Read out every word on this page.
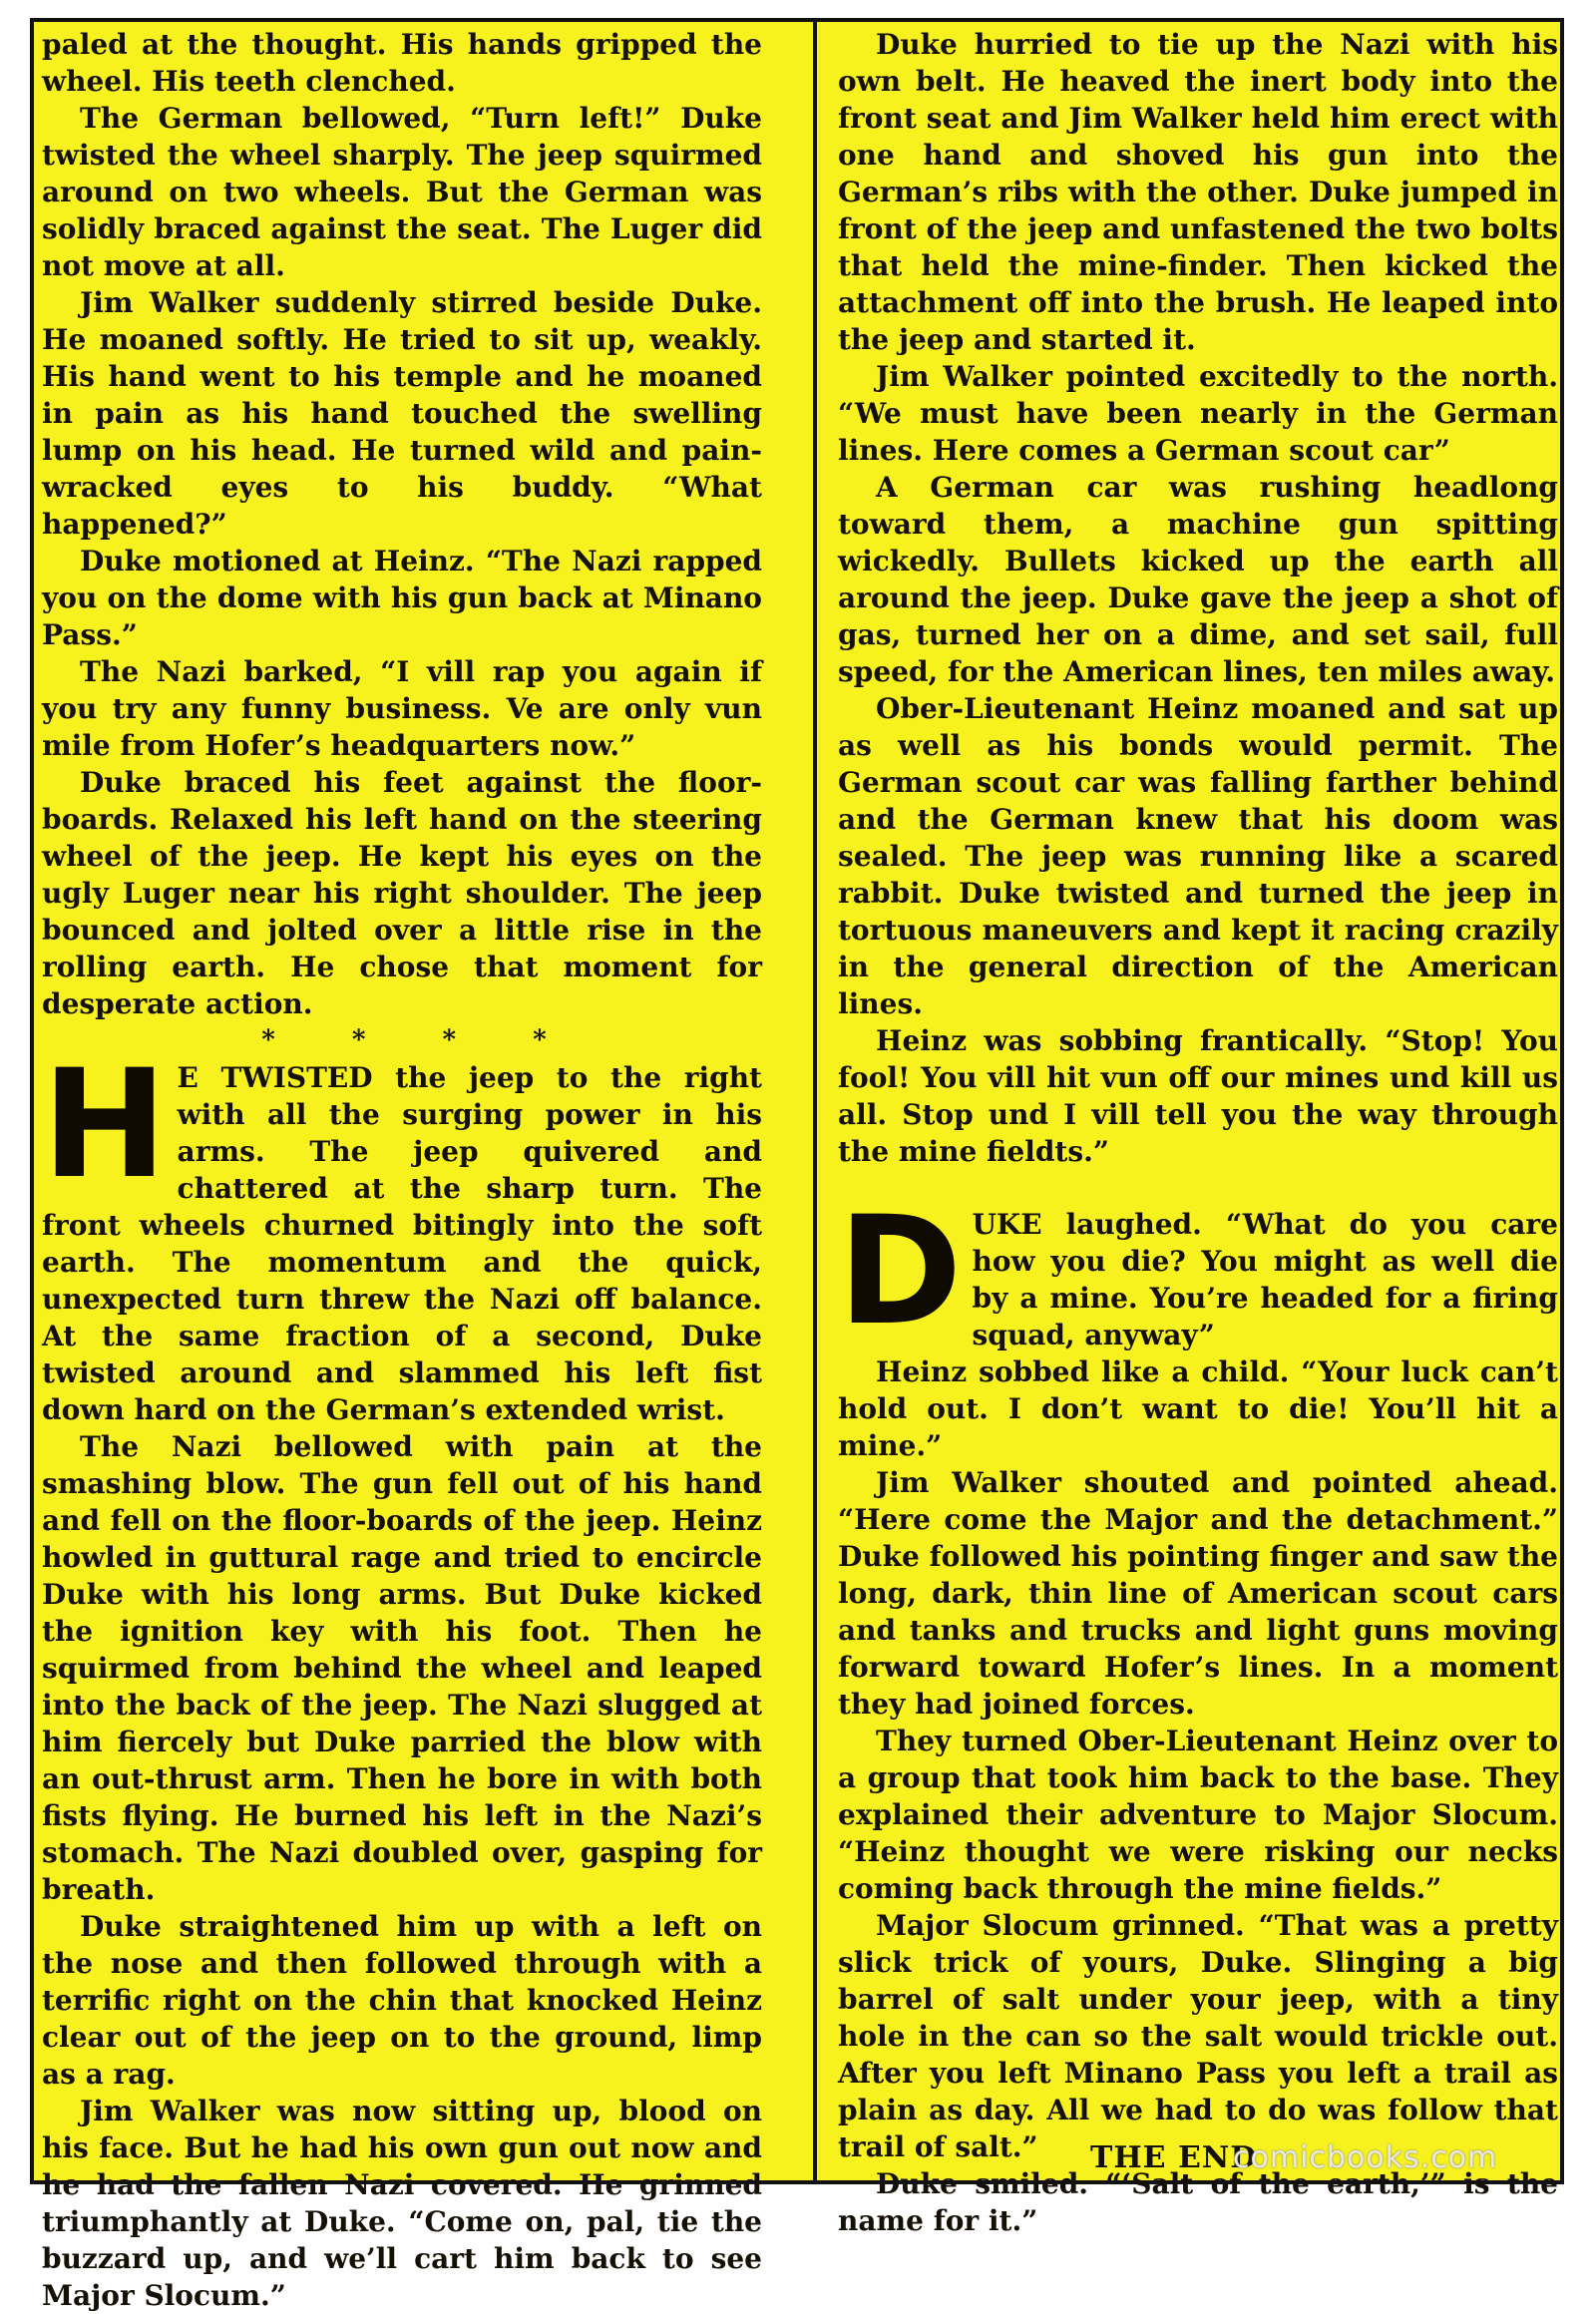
paled at the thought. His hands gripped the wheel. His teeth clenched.

The German bellowed, “Turn left!” Duke twisted the wheel sharply. The jeep squirmed around on two wheels. But the German was solidly braced against the seat. The Luger did not move at all.

Jim Walker suddenly stirred beside Duke. He moaned softly. He tried to sit up, weakly. His hand went to his temple and he moaned in pain as his hand touched the swelling lump on his head. He turned wild and pain-wracked eyes to his buddy. “What happened?”

Duke motioned at Heinz. “The Nazi rapped you on the dome with his gun back at Minano Pass.”

The Nazi barked, “I vill rap you again if you try any funny business. Ve are only vun mile from Hofer’s headquarters now.”

Duke braced his feet against the floor-boards. Relaxed his left hand on the steering wheel of the jeep. He kept his eyes on the ugly Luger near his right shoulder. The jeep bounced and jolted over a little rise in the rolling earth. He chose that moment for desperate action.

* * * *

H E TWISTED the jeep to the right with all the surging power in his arms. The jeep quivered and chattered at the sharp turn. The front wheels churned bitingly into the soft earth. The momentum and the quick, unexpected turn threw the Nazi off balance. At the same fraction of a second, Duke twisted around and slammed his left fist down hard on the German’s extended wrist.

The Nazi bellowed with pain at the smashing blow. The gun fell out of his hand and fell on the floor-boards of the jeep. Heinz howled in guttural rage and tried to encircle Duke with his long arms. But Duke kicked the ignition key with his foot. Then he squirmed from behind the wheel and leaped into the back of the jeep. The Nazi slugged at him fiercely but Duke parried the blow with an out-thrust arm. Then he bore in with both fists flying. He burned his left in the Nazi’s stomach. The Nazi doubled over, gasping for breath.

Duke straightened him up with a left on the nose and then followed through with a terrific right on the chin that knocked Heinz clear out of the jeep on to the ground, limp as a rag.

Jim Walker was now sitting up, blood on his face. But he had his own gun out now and he had the fallen Nazi covered. He grinned triumphantly at Duke. “Come on, pal, tie the buzzard up, and we’ll cart him back to see Major Slocum.”

Duke hurried to tie up the Nazi with his own belt. He heaved the inert body into the front seat and Jim Walker held him erect with one hand and shoved his gun into the German’s ribs with the other. Duke jumped in front of the jeep and unfastened the two bolts that held the mine-finder. Then kicked the attachment off into the brush. He leaped into the jeep and started it.

Jim Walker pointed excitedly to the north. “We must have been nearly in the German lines. Here comes a German scout car”

A German car was rushing headlong toward them, a machine gun spitting wickedly. Bullets kicked up the earth all around the jeep. Duke gave the jeep a shot of gas, turned her on a dime, and set sail, full speed, for the American lines, ten miles away.

Ober-Lieutenant Heinz moaned and sat up as well as his bonds would permit. The German scout car was falling farther behind and the German knew that his doom was sealed. The jeep was running like a scared rabbit. Duke twisted and turned the jeep in tortuous maneuvers and kept it racing crazily in the general direction of the American lines.

Heinz was sobbing frantically. “Stop! You fool! You vill hit vun off our mines und kill us all. Stop und I vill tell you the way through the mine fieldts.”

DUKE laughed. “What do you care how you die? You might as well die by a mine. You’re headed for a firing squad, anyway”

Heinz sobbed like a child. “Your luck can’t hold out. I don’t want to die! You’ll hit a mine.”

Jim Walker shouted and pointed ahead. “Here come the Major and the detachment.” Duke followed his pointing finger and saw the long, dark, thin line of American scout cars and tanks and trucks and light guns moving forward toward Hofer’s lines. In a moment they had joined forces.

They turned Ober-Lieutenant Heinz over to a group that took him back to the base. They explained their adventure to Major Slocum. “Heinz thought we were risking our necks coming back through the mine fields.”

Major Slocum grinned. “That was a pretty slick trick of yours, Duke. Slinging a big barrel of salt under your jeep, with a tiny hole in the can so the salt would trickle out. After you left Minano Pass you left a trail as plain as day. All we had to do was follow that trail of salt.”

Duke smiled. “‘Salt of the earth,’” is the name for it.”

THE END
comicbooks.com
